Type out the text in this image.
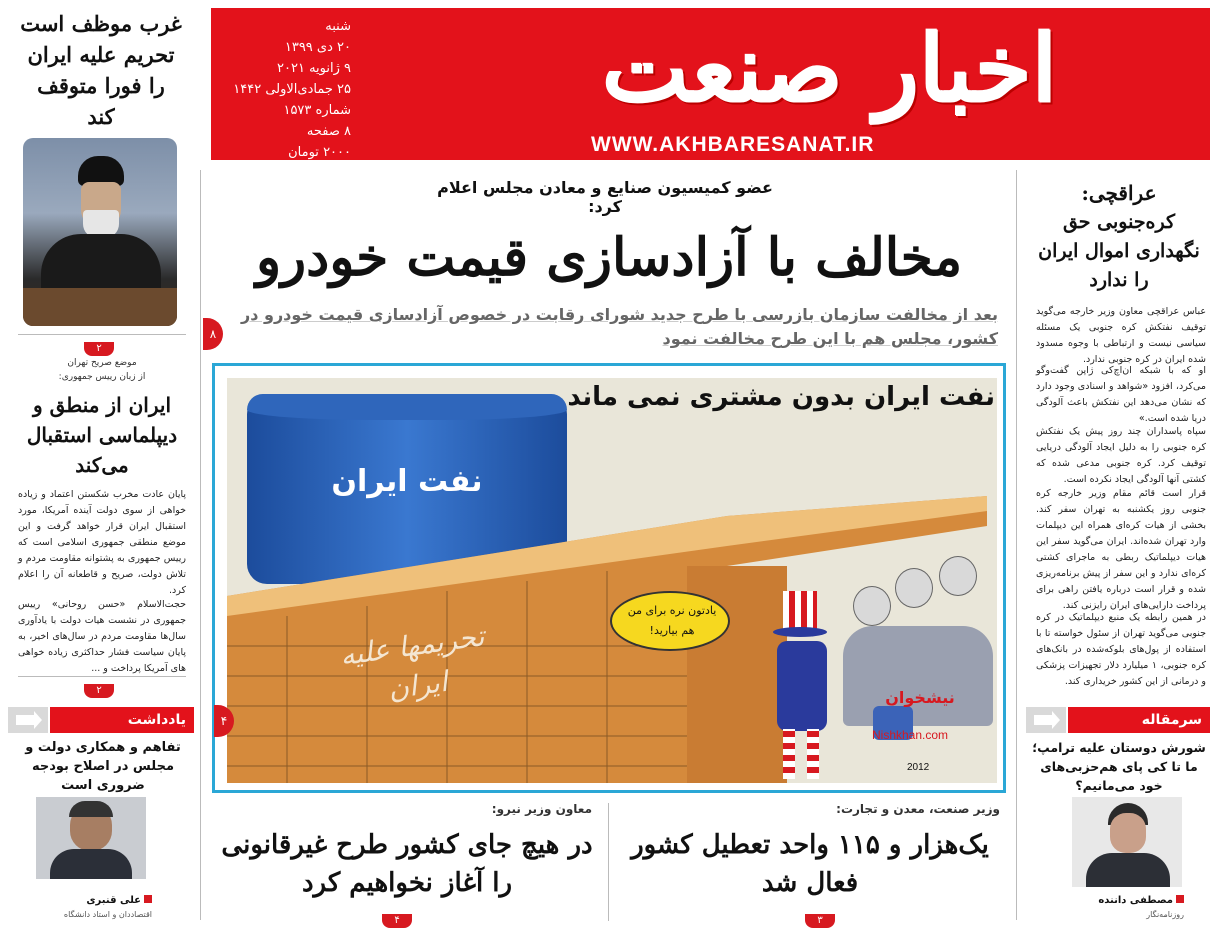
اخبار صنعت
WWW.AKHBARESANAT.IR
شنبه
۲۰ دی ۱۳۹۹
۹ ژانویه ۲۰۲۱
۲۵ جمادی‌الاولی ۱۴۴۲
شماره ۱۵۷۳
۸ صفحه
۲۰۰۰ تومان
غرب موظف است تحریم علیه ایران را فورا متوقف کند
۲
موضع صریح تهران
از زبان رییس جمهوری:
ایران از منطق و دیپلماسی استقبال می‌کند
پایان عادت مخرب شکستن اعتماد و زیاده خواهی از سوی دولت آینده آمریکا، مورد استقبال ایران قرار خواهد گرفت و این موضع منطقی جمهوری اسلامی است که رییس جمهوری به پشتوانه مقاومت مردم و تلاش دولت، صریح و قاطعانه آن را اعلام کرد.
حجت‌الاسلام «حسن روحانی» رییس جمهوری در نشست هیات دولت با یادآوری سال‌ها مقاومت مردم در سال‌های اخیر، به پایان سیاست فشار حداکثری زیاده خواهی های آمریکا پرداخت و ...
۲
یادداشت
تفاهم و همکاری دولت و مجلس در اصلاح بودجه ضروری است
علی قنبری
اقتصاددان و استاد دانشگاه
عضو کمیسیون صنایع و معادن مجلس اعلام کرد:
مخالف با آزادسازی قیمت خودرو
بعد از مخالفت سازمان بازرسی با طرح جدید شورای رقابت در خصوص آزادسازی قیمت خودرو در کشور، مجلس هم با این طرح مخالفت نمود
۸
نفت ایران بدون مشتری نمی ماند
نفت ایران
تحریمها علیه ایران
یادتون نره برای من هم بیارید!
نیشخوان
Nishkhan.com
2012
۴
وزیر صنعت، معدن و تجارت:
یک‌هزار و ۱۱۵ واحد تعطیل کشور فعال شد
۳
معاون وزیر نیرو:
در هیچ جای کشور طرح غیرقانونی را آغاز نخواهیم کرد
۴
عراقچی:
کره‌جنوبی حق نگهداری اموال ایران را ندارد
عباس عراقچی معاون وزیر خارجه می‌گوید توقیف نفتکش کره جنوبی یک مسئله سیاسی نیست و ارتباطی با وجوه مسدود شده ایران در کره جنوبی ندارد.
او که با شبکه ان‌اچ‌کی ژاپن گفت‌وگو می‌کرد، افزود «شواهد و اسنادی وجود دارد که نشان می‌دهد این نفتکش باعث آلودگی دریا شده است.»
سپاه پاسداران چند روز پیش یک نفتکش کره جنوبی را به دلیل ایجاد آلودگی دریایی توقیف کرد. کره جنوبی مدعی شده که کشتی آنها آلودگی ایجاد نکرده است.
قرار است قائم مقام وزیر خارجه کره جنوبی روز یکشنبه به تهران سفر کند. بخشی از هیات کره‌ای همراه این دیپلمات وارد تهران شده‌اند. ایران می‌گوید سفر این هیات دیپلماتیک ربطی به ماجرای کشتی کره‌ای ندارد و این سفر از پیش برنامه‌ریزی شده و قرار است درباره یافتن راهی برای پرداخت دارایی‌های ایران رایزنی کند.
در همین رابطه یک منبع دیپلماتیک در کره جنوبی می‌گوید تهران از سئول خواسته تا با استفاده از پول‌های بلوکه‌شده در بانک‌های کره جنوبی، ۱ میلیارد دلار تجهیزات پزشکی و درمانی از این کشور خریداری کند.
سرمقاله
شورش دوستان علیه ترامپ؛ ما تا کی پای هم‌حزبی‌های خود می‌مانیم؟
مصطفی داننده
روزنامه‌نگار
